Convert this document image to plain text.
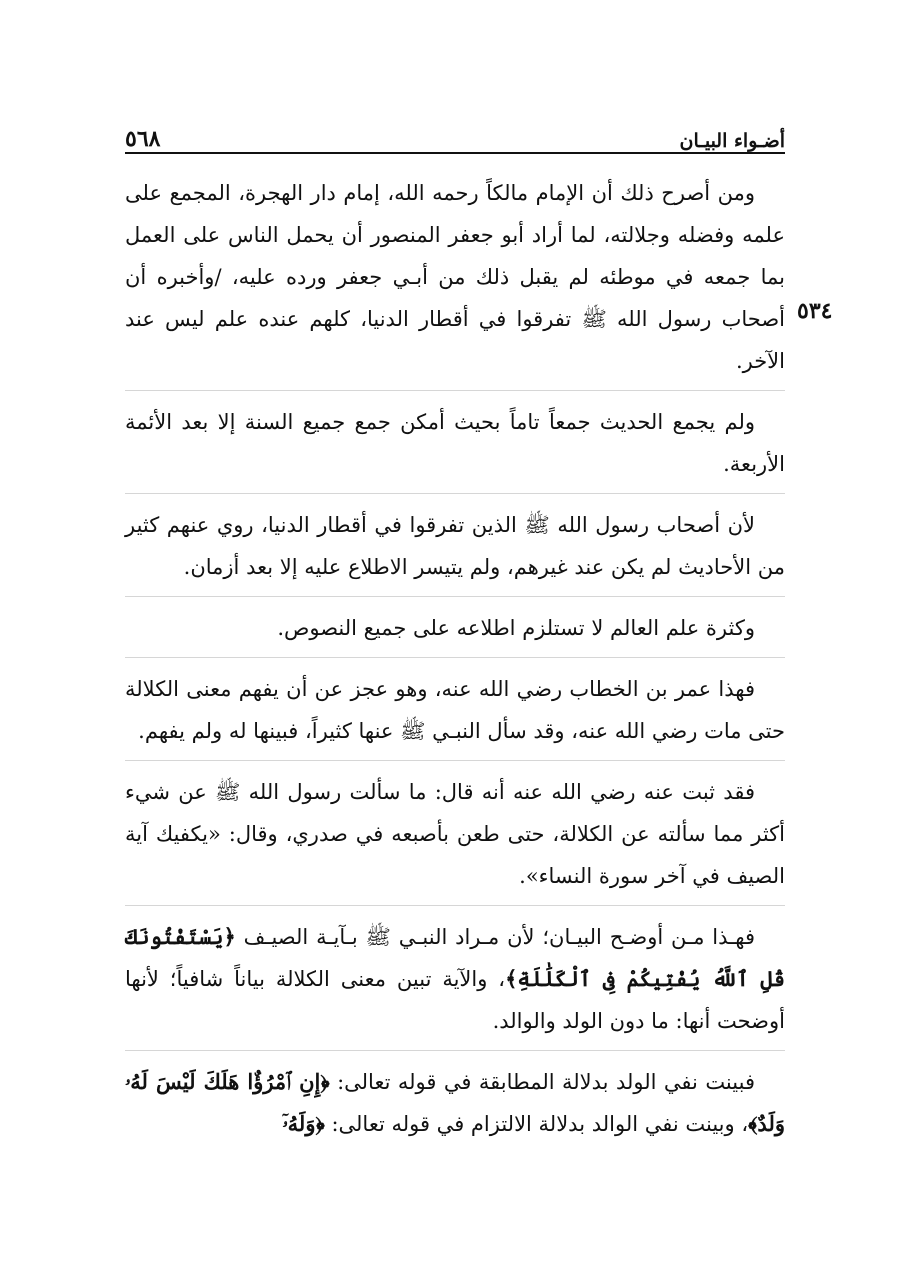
٥٦٨	أضـواء البيـان
٥٣٤

ومن أصرح ذلك أن الإمام مالكاً رحمه الله، إمام دار الهجرة، المجمع على علمه وفضله وجلالته، لما أراد أبو جعفر المنصور أن يحمل الناس على العمل بما جمعه في موطئه لم يقبل ذلك من أبـي جعفر ورده عليه، /وأخبره أن أصحاب رسول الله ﷺ تفرقوا في أقطار الدنيا، كلهم عنده علم ليس عند الآخر.

ولم يجمع الحديث جمعاً تاماً بحيث أمكن جمع جميع السنة إلا بعد الأئمة الأربعة.

لأن أصحاب رسول الله ﷺ الذين تفرقوا في أقطار الدنيا، روي عنهم كثير من الأحاديث لم يكن عند غيرهم، ولم يتيسر الاطلاع عليه إلا بعد أزمان.

وكثرة علم العالم لا تستلزم اطلاعه على جميع النصوص.

فهذا عمر بن الخطاب رضي الله عنه، وهو عجز عن أن يفهم معنى الكلالة حتى مات رضي الله عنه، وقد سأل النبـي ﷺ عنها كثيراً، فبينها له ولم يفهم.

فقد ثبت عنه رضي الله عنه أنه قال: ما سألت رسول الله ﷺ عن شيء أكثر مما سألته عن الكلالة، حتى طعن بأصبعه في صدري، وقال: «يكفيك آية الصيف في آخر سورة النساء».

فهـذا مـن أوضـح البيـان؛ لأن مـراد النبـي ﷺ بـآيـة الصيـف ﴿يَسْتَفْتُونَكَ قُلِ ٱللَّهُ يُفْتِيكُمْ فِى ٱلْكَلَٰلَةِ﴾، والآية تبين معنى الكلالة بياناً شافياً؛ لأنها أوضحت أنها: ما دون الولد والوالد.

فبينت نفي الولد بدلالة المطابقة في قوله تعالى: ﴿إِنِ ٱمْرُؤٌا هَلَكَ لَيْسَ لَهُۥ وَلَدٌ﴾، وبينت نفي الوالد بدلالة الالتزام في قوله تعالى: ﴿وَلَهُۥٓ
